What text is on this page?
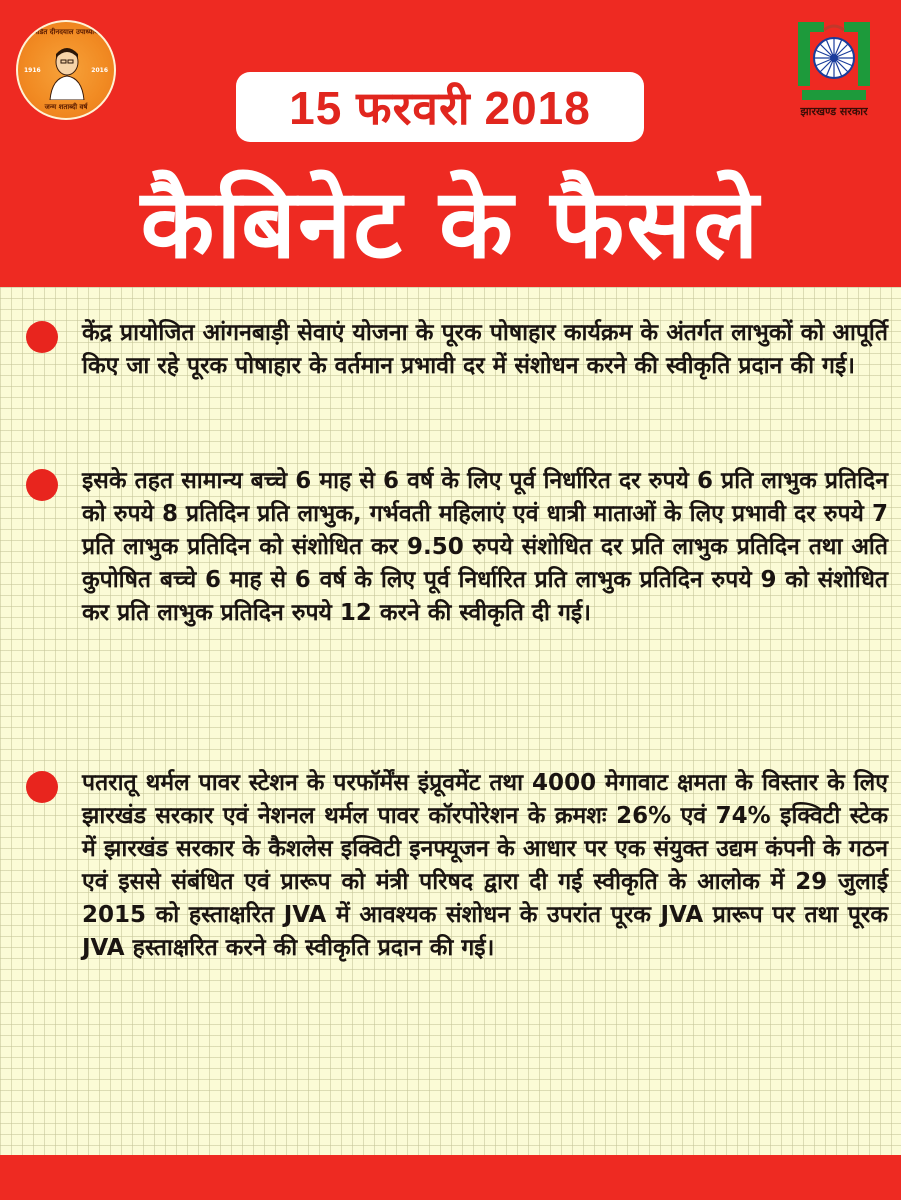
पंडित दीनदयाल उपाध्याय
1916	2016
जन्म शताब्दी वर्ष	15 फरवरी 2018
कैबिनेट के फैसले
झारखण्ड सरकार

केंद्र प्रायोजित आंगनबाड़ी सेवाएं योजना के पूरक पोषाहार कार्यक्रम के अंतर्गत लाभुकों को आपूर्ति किए जा रहे पूरक पोषाहार के वर्तमान प्रभावी दर में संशोधन करने की स्वीकृति प्रदान की गई।

इसके तहत सामान्य बच्चे 6 माह से 6 वर्ष के लिए पूर्व निर्धारित दर रुपये 6 प्रति लाभुक प्रतिदिन को रुपये 8 प्रतिदिन प्रति लाभुक, गर्भवती महिलाएं एवं धात्री माताओं के लिए प्रभावी दर रुपये 7 प्रति लाभुक प्रतिदिन को संशोधित कर 9.50 रुपये संशोधित दर प्रति लाभुक प्रतिदिन तथा अति कुपोषित बच्चे 6 माह से 6 वर्ष के लिए पूर्व निर्धारित प्रति लाभुक प्रतिदिन रुपये 9 को संशोधित कर प्रति लाभुक प्रतिदिन रुपये 12 करने की स्वीकृति दी गई।

पतरातू थर्मल पावर स्टेशन के परफॉर्मेंस इंप्रूवमेंट तथा 4000 मेगावाट क्षमता के विस्तार के लिए झारखंड सरकार एवं नेशनल थर्मल पावर कॉरपोरेशन के क्रमशः 26% एवं 74% इक्विटी स्टेक में झारखंड सरकार के कैशलेस इक्विटी इनफ्यूजन के आधार पर एक संयुक्त उद्यम कंपनी के गठन एवं इससे संबंधित एवं प्रारूप को मंत्री परिषद द्वारा दी गई स्वीकृति के आलोक में 29 जुलाई 2015 को हस्ताक्षरित JVA में आवश्यक संशोधन के उपरांत पूरक JVA प्रारूप पर तथा पूरक JVA हस्ताक्षरित करने की स्वीकृति प्रदान की गई।
